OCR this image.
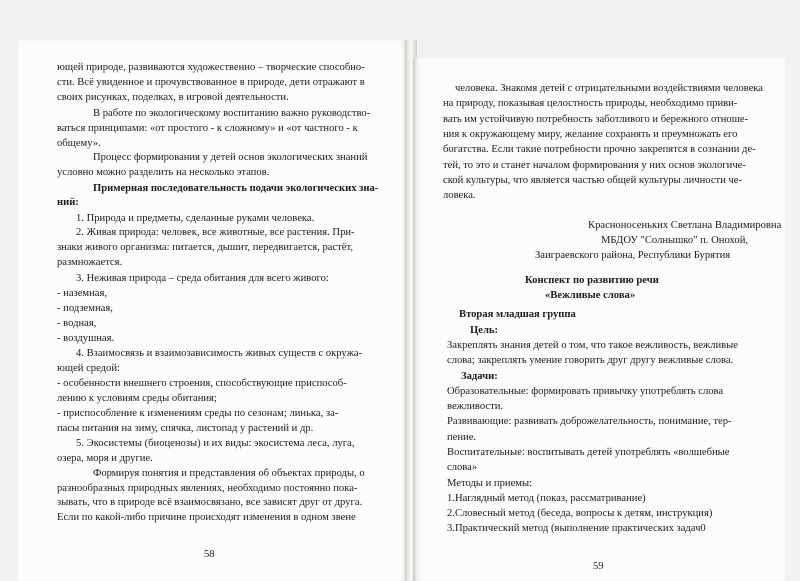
ющей природе, развиваются художественно – творческие способно-
сти. Всё увиденное и прочувствованное в природе, дети отражают в
своих рисунках, поделках, в игровой деятельности.
В работе по экологическому воспитанию важно руководство-
ваться принципами: «от простого - к сложному» и «от частного - к
общему».
Процесс формирования у детей основ экологических знаний
условно можно разделить на несколько этапов.
Примерная последовательность подачи экологических зна-
ний:
1. Природа и предметы, сделанные руками человека.
2. Живая природа: человек, все животные, все растения. При-
знаки живого организма: питается, дышит, передвигается, растёт,
размножается.
3. Неживая природа – среда обитания для всего живого:
- наземная,
- подземная,
- водная,
- воздушная.
4. Взаимосвязь и взаимозависимость живых существ с окружа-
ющей средой:
- особенности внешнего строения, способствующие приспособ-
лению к условиям среды обитания;
- приспособление к изменениям среды по сезонам; линька, за-
пасы питания на зиму, спячка, листопад у растений и др.
5. Экосистемы (биоценозы) и их виды: экосистема леса, луга,
озера, моря и другие.
Формируя понятия и представления об объектах природы, о
разнообразных природных явлениях, необходимо постоянно пока-
зывать, что в природе всё взаимосвязано, все зависят друг от друга.
Если по какой-либо причине происходят изменения в одном звене
человека. Знакомя детей с отрицательными воздействиями человека
на природу, показывая целостность природы, необходимо приви-
вать им устойчивую потребность заботливого и бережного отноше-
ния к окружающему миру, желание сохранять и преумножать его
богатства. Если такие потребности прочно закрепятся в сознании де-
тей, то это и станет началом формирования у них основ экологиче-
ской культуры, что является частью общей культуры личности че-
ловека.
Красноносеньких Светлана Владимировна
МБДОУ "Солнышко" п. Онохой,
Заиграевского района, Республики Бурятия
Конспект по развитию речи
«Вежливые слова»
Вторая младшая группа
Цель:
Закреплять знания детей о том, что такое вежливость, вежливые
слова; закреплять умение говорить друг другу вежливые слова.
Задачи:
Образовательные: формировать привычку употреблять слова
вежливости.
Развивающие: развивать доброжелательность, понимание, тер-
пение.
Воспитательные: воспитывать детей употреблять «волшебные
слова»
Методы и приемы:
1.Наглядный метод (показ, рассматривание)
2.Словесный метод (беседа, вопросы к детям, инструкция)
3.Практический метод (выполнение практических задач0
58
59
